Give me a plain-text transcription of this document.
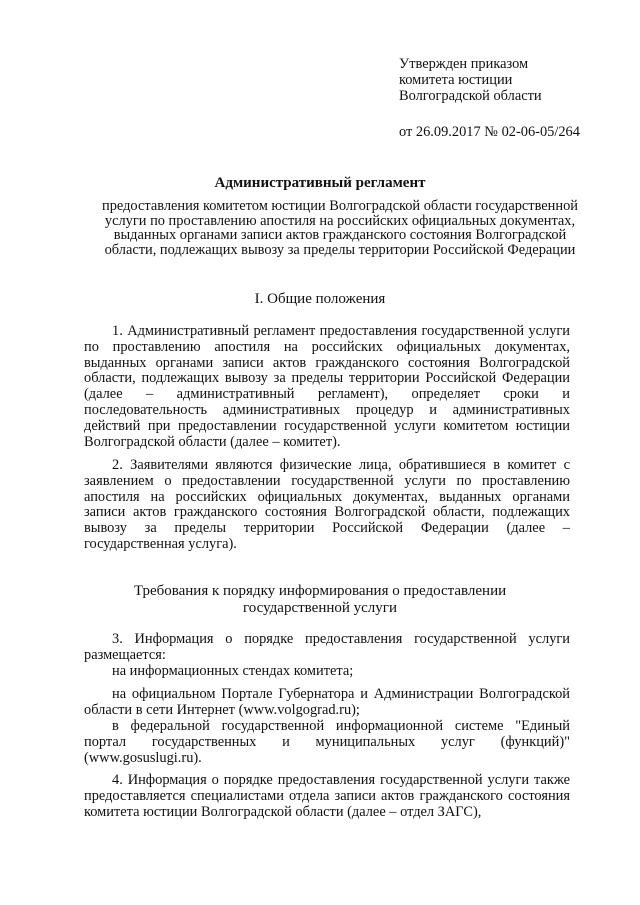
Утвержден приказом
комитета юстиции
Волгоградской области
от 26.09.2017 № 02-06-05/264
Административный регламент
предоставления комитетом юстиции Волгоградской области государственной услуги по проставлению апостиля на российских официальных документах, выданных органами записи актов гражданского состояния Волгоградской области, подлежащих вывозу за пределы территории Российской Федерации
I. Общие положения
1. Административный регламент предоставления государственной услуги по проставлению апостиля на российских официальных документах, выданных органами записи актов гражданского состояния Волгоградской области, подлежащих вывозу за пределы территории Российской Федерации (далее – административный регламент), определяет сроки и последовательность административных процедур и административных действий при предоставлении государственной услуги комитетом юстиции Волгоградской области (далее – комитет).
2. Заявителями являются физические лица, обратившиеся в комитет с заявлением о предоставлении государственной услуги по проставлению апостиля на российских официальных документах, выданных органами записи актов гражданского состояния Волгоградской области, подлежащих вывозу за пределы территории Российской Федерации (далее – государственная услуга).
Требования к порядку информирования о предоставлении
государственной услуги
3. Информация о порядке предоставления государственной услуги размещается:
на информационных стендах комитета;
на официальном Портале Губернатора и Администрации Волгоградской области в сети Интернет (www.volgograd.ru);
в федеральной государственной информационной системе "Единый портал государственных и муниципальных услуг (функций)" (www.gosuslugi.ru).
4. Информация о порядке предоставления государственной услуги также предоставляется специалистами отдела записи актов гражданского состояния комитета юстиции Волгоградской области (далее – отдел ЗАГС),
